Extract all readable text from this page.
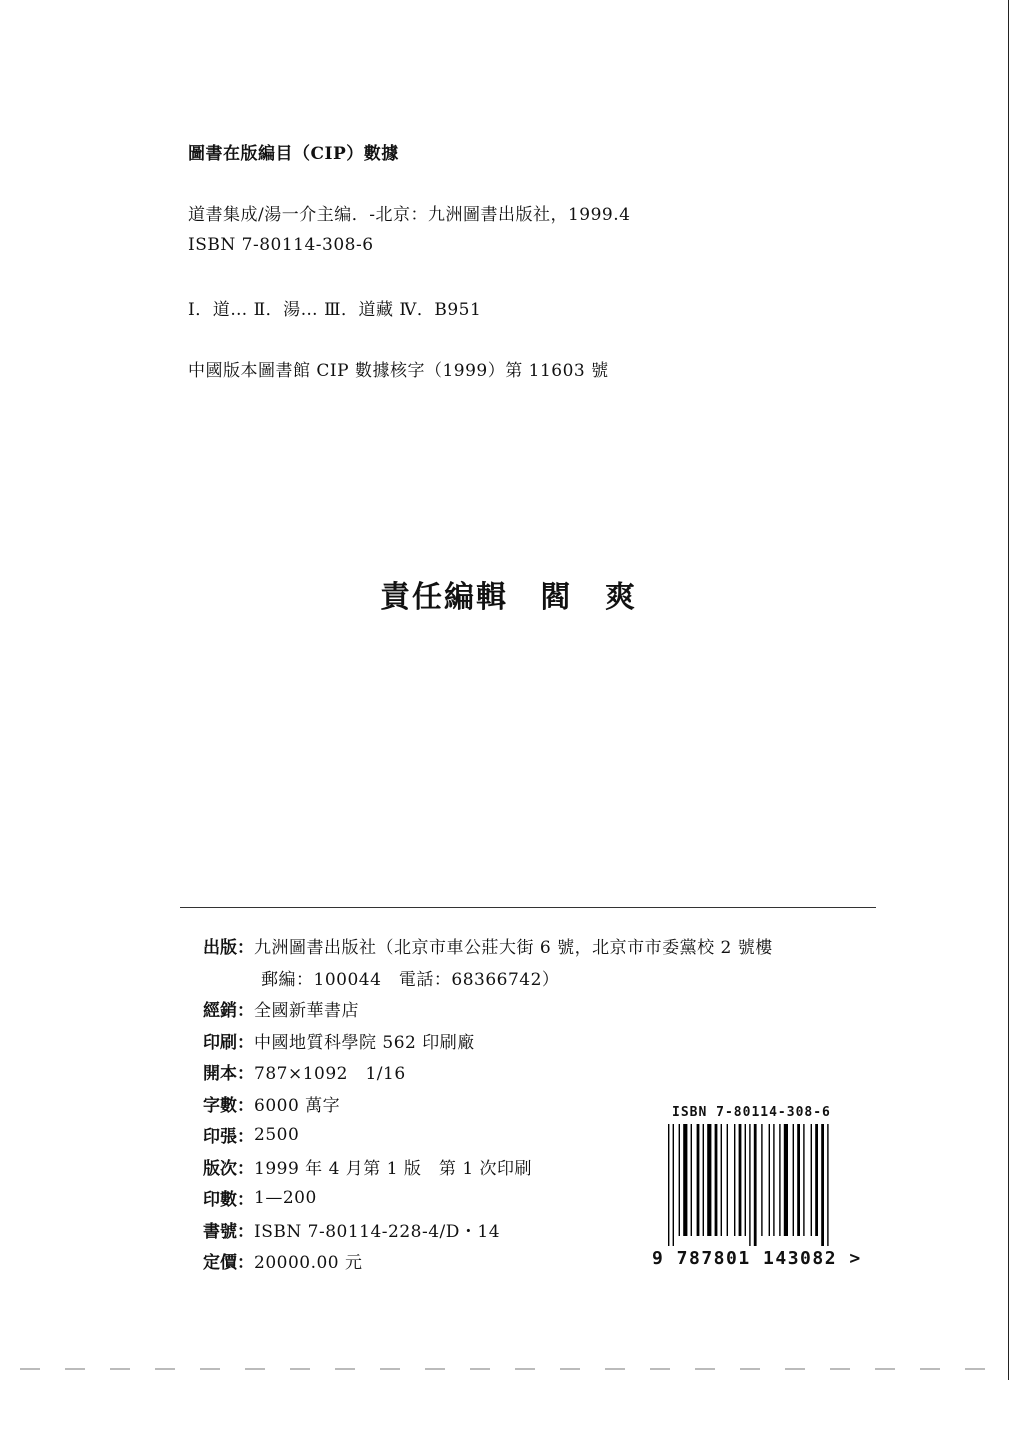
圖書在版編目（CIP）數據
道書集成/湯一介主编．-北京：九洲圖書出版社，1999.4
ISBN 7-80114-308-6
Ⅰ．道… Ⅱ．湯… Ⅲ．道藏 Ⅳ．B951
中國版本圖書館 CIP 數據核字（1999）第 11603 號
責任編輯 閻 爽
出版： 九洲圖書出版社（北京市車公莊大街 6 號，北京市市委黨校 2 號樓
郵編：100044　電話：68366742）
經銷： 全國新華書店
印刷： 中國地質科學院 562 印刷廠
開本： 787×1092　1/16
字數： 6000 萬字
印張： 2500
版次： 1999 年 4 月第 1 版　第 1 次印刷
印數： 1—200
書號： ISBN 7-80114-228-4/D・14
定價： 20000.00 元
ISBN 7-80114-308-6
9 787801 143082 >
